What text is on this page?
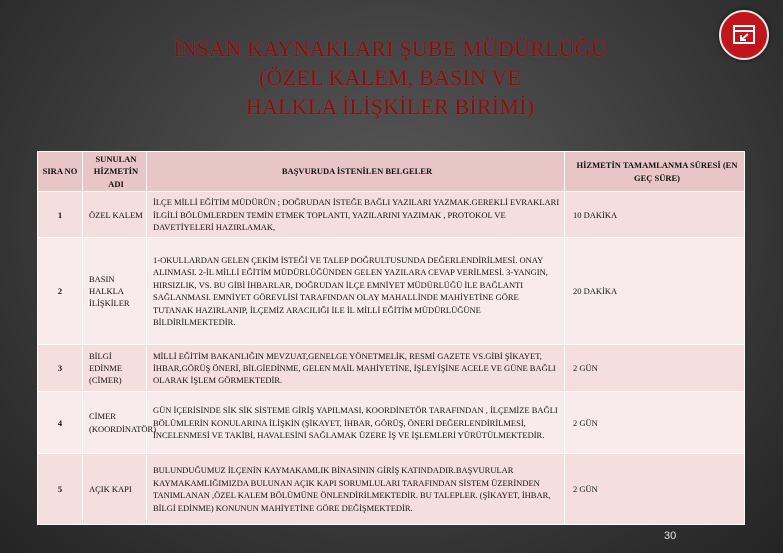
İNSAN KAYNAKLARI ŞUBE MÜDÜRLÜĞÜ
(ÖZEL KALEM, BASIN VE
HALKLA İLİŞKİLER BİRİMİ)
SIRA NO	SUNULAN HİZMETİN ADI	BAŞVURUDA İSTENİLEN BELGELER	HİZMETİN TAMAMLANMA SÜRESİ (EN GEÇ SÜRE)
1	ÖZEL KALEM	İLÇE MİLLİ EĞİTİM MÜDÜRÜN ; DOĞRUDAN İSTEĞE BAĞLI YAZILARI YAZMAK.GEREKLİ EVRAKLARI İLGİLİ BÖLÜMLERDEN TEMİN ETMEK TOPLANTI, YAZILARINI YAZIMAK , PROTOKOL VE DAVETİYELERİ HAZIRLAMAK,	10 DAKİKA
2	BASIN HALKLA İLİŞKİLER	1-OKULLARDAN GELEN ÇEKİM İSTEĞİ VE TALEP DOĞRULTUSUNDA DEĞERLENDİRİLMESİ. ONAY ALINMASI. 2-İL MİLLİ EĞİTİM MÜDÜRLÜĞÜNDEN GELEN YAZILARA CEVAP VERİLMESİ. 3-YANGIN, HIRSIZLIK, VS. BU GİBİ İHBARLAR, DOĞRUDAN İLÇE EMNİYET MÜDÜRLÜĞÜ İLE BAĞLANTI SAĞLANMASI. EMNİYET GÖREVLİSİ TARAFINDAN OLAY MAHALLİNDE MAHİYETİNE GÖRE TUTANAK HAZIRLANIP, İLÇEMİZ ARACILIĞI İLE İL MİLLİ EĞİTİM MÜDÜRLÜĞÜNE BİLDİRİLMEKTEDİR.	20 DAKİKA
3	BİLGİ EDİNME (CİMER)	MİLLİ EĞİTİM BAKANLIĞIN MEVZUAT,GENELGE YÖNETMELİK, RESMİ GAZETE VS.GİBİ ŞİKAYET, İHBAR,GÖRÜŞ ÖNERİ, BİLGİEDİNME, GELEN MAİL MAHİYETİNE, İŞLEYİŞİNE ACELE VE GÜNE BAĞLI OLARAK İŞLEM GÖRMEKTEDİR.	2 GÜN
4	CİMER (KOORDİNATÖR)	GÜN İÇERİSİNDE SİK SİK SİSTEME GİRİŞ YAPILMASI, KOORDİNETÖR TARAFINDAN , İLÇEMİZE BAĞLI BÖLÜMLERİN KONULARINA İLİŞKİN (ŞİKAYET, İHBAR, GÖRÜŞ, ÖNERİ DEĞERLENDİRİLMESİ, İNCELENMESİ VE TAKİBİ, HAVALESİNİ SAĞLAMAK ÜZERE İŞ VE İŞLEMLERİ YÜRÜTÜLMEKTEDİR.	2 GÜN
5	AÇIK KAPI	BULUNDUĞUMUZ İLÇENİN KAYMAKAMLIK BİNASININ GİRİŞ KATINDADIR.BAŞVURULAR KAYMAKAMLIĞIMIZDA BULUNAN AÇIK KAPI SORUMLULARI TARAFINDAN SİSTEM ÜZERİNDEN TANIMLANAN ,ÖZEL KALEM BÖLÜMÜNE ÖNLENDİRİLMEKTEDİR. BU TALEPLER. (ŞİKAYET, İHBAR, BİLGİ EDİNME) KONUNUN MAHİYETİNE GÖRE DEĞİŞMEKTEDİR.	2 GÜN
30
